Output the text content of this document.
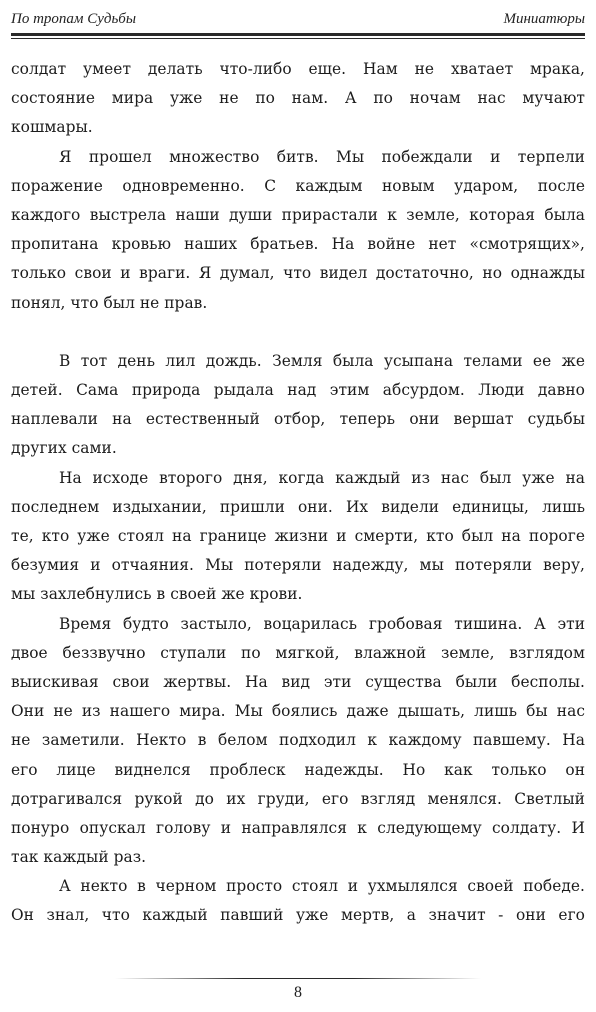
По тропам Судьбы	Миниатюры
солдат умеет делать что-либо еще. Нам не хватает мрака,
состояние мира уже не по нам. А по ночам нас мучают
кошмары.
Я прошел множество битв. Мы побеждали и терпели
поражение одновременно. С каждым новым ударом, после
каждого выстрела наши души прирастали к земле, которая была
пропитана кровью наших братьев. На войне нет «смотрящих»,
только свои и враги. Я думал, что видел достаточно, но однажды
понял, что был не прав.
В тот день лил дождь. Земля была усыпана телами ее же
детей. Сама природа рыдала над этим абсурдом. Люди давно
наплевали на естественный отбор, теперь они вершат судьбы
других сами.
На исходе второго дня, когда каждый из нас был уже на
последнем издыхании, пришли они. Их видели единицы, лишь
те, кто уже стоял на границе жизни и смерти, кто был на пороге
безумия и отчаяния. Мы потеряли надежду, мы потеряли веру,
мы захлебнулись в своей же крови.
Время будто застыло, воцарилась гробовая тишина. А эти
двое беззвучно ступали по мягкой, влажной земле, взглядом
выискивая свои жертвы. На вид эти существа были бесполы.
Они не из нашего мира. Мы боялись даже дышать, лишь бы нас
не заметили. Некто в белом подходил к каждому павшему. На
его лице виднелся проблеск надежды. Но как только он
дотрагивался рукой до их груди, его взгляд менялся. Светлый
понуро опускал голову и направлялся к следующему солдату. И
так каждый раз.
А некто в черном просто стоял и ухмылялся своей победе.
Он знал, что каждый павший уже мертв, а значит - они его
8
